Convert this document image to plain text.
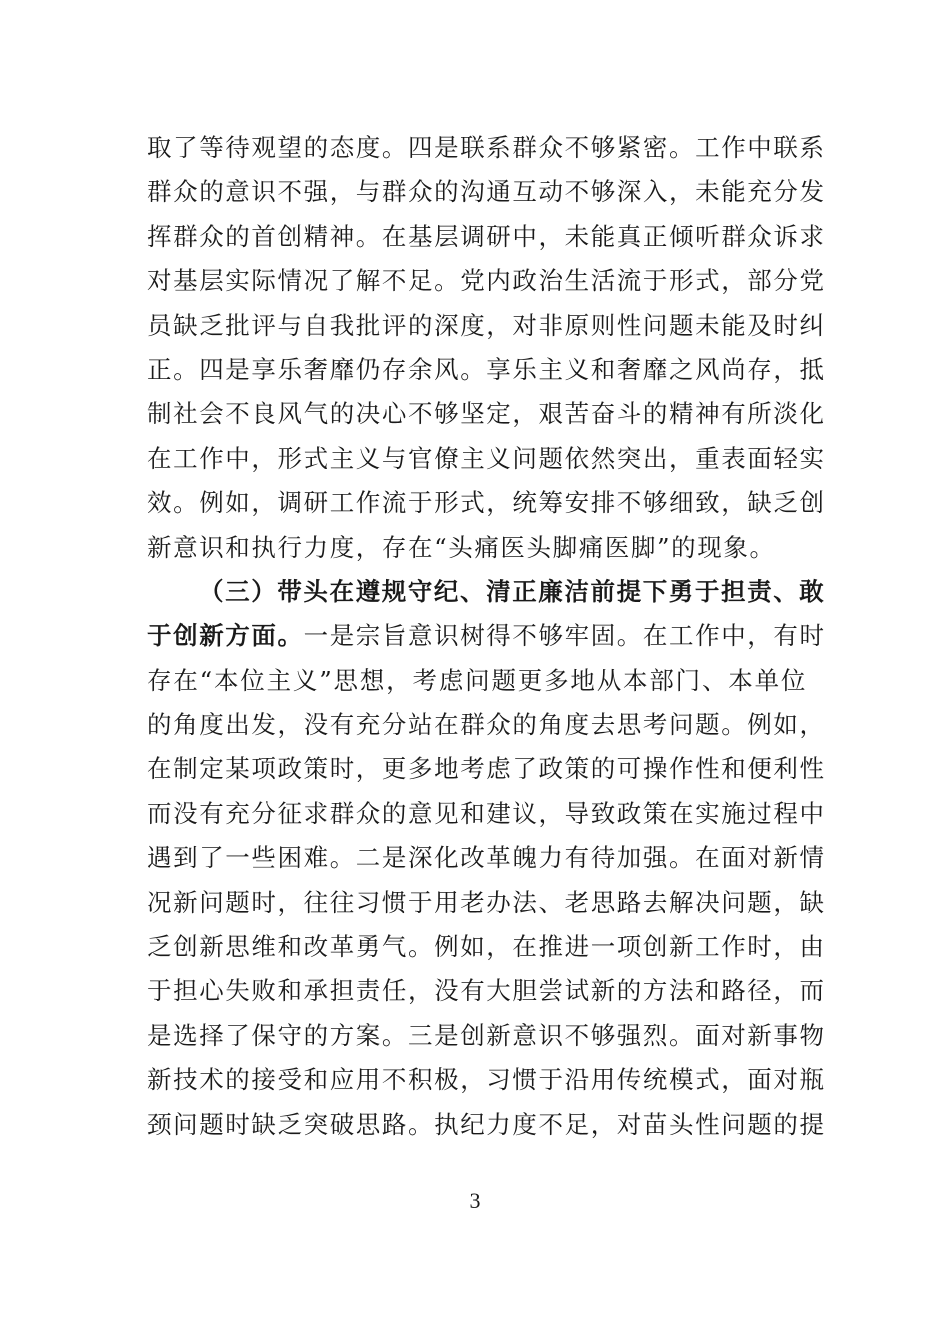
取了等待观望的态度。四是联系群众不够紧密。工作中联系
群众的意识不强，与群众的沟通互动不够深入，未能充分发
挥群众的首创精神。在基层调研中，未能真正倾听群众诉求
对基层实际情况了解不足。党内政治生活流于形式，部分党
员缺乏批评与自我批评的深度，对非原则性问题未能及时纠
正。四是享乐奢靡仍存余风。享乐主义和奢靡之风尚存，抵
制社会不良风气的决心不够坚定，艰苦奋斗的精神有所淡化
在工作中，形式主义与官僚主义问题依然突出，重表面轻实
效。例如，调研工作流于形式，统筹安排不够细致，缺乏创
新意识和执行力度，存在“头痛医头脚痛医脚”的现象。
（三）带头在遵规守纪、清正廉洁前提下勇于担责、敢
于创新方面。一是宗旨意识树得不够牢固。在工作中，有时
存在“本位主义”思想，考虑问题更多地从本部门、本单位
的角度出发，没有充分站在群众的角度去思考问题。例如，
在制定某项政策时，更多地考虑了政策的可操作性和便利性
而没有充分征求群众的意见和建议，导致政策在实施过程中
遇到了一些困难。二是深化改革魄力有待加强。在面对新情
况新问题时，往往习惯于用老办法、老思路去解决问题，缺
乏创新思维和改革勇气。例如，在推进一项创新工作时，由
于担心失败和承担责任，没有大胆尝试新的方法和路径，而
是选择了保守的方案。三是创新意识不够强烈。面对新事物
新技术的接受和应用不积极，习惯于沿用传统模式，面对瓶
颈问题时缺乏突破思路。执纪力度不足，对苗头性问题的提
3
